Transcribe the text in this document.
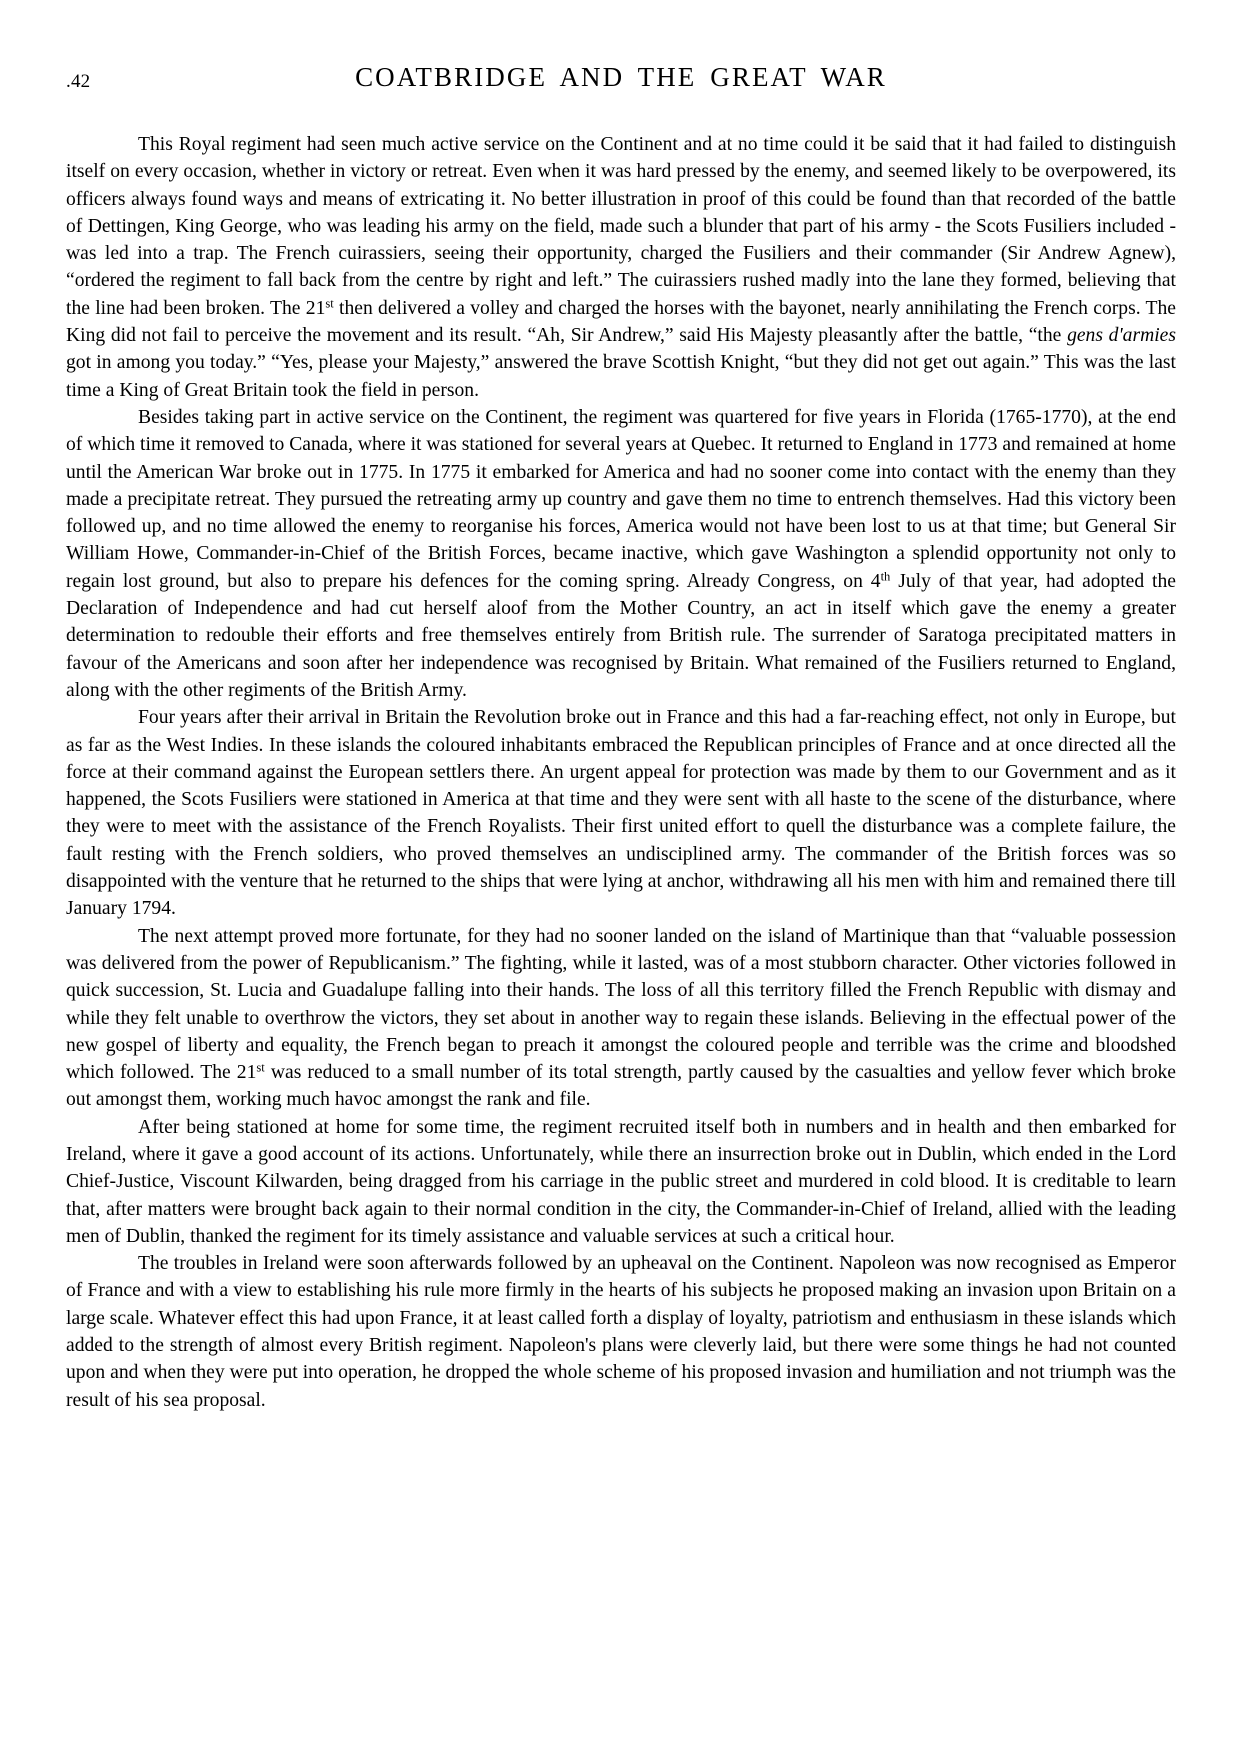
.42	COATBRIDGE AND THE GREAT WAR

This Royal regiment had seen much active service on the Continent and at no time could it be said that it had failed to distinguish itself on every occasion, whether in victory or retreat. Even when it was hard pressed by the enemy, and seemed likely to be overpowered, its officers always found ways and means of extricating it. No better illustration in proof of this could be found than that recorded of the battle of Dettingen, King George, who was leading his army on the field, made such a blunder that part of his army - the Scots Fusiliers included - was led into a trap. The French cuirassiers, seeing their opportunity, charged the Fusiliers and their commander (Sir Andrew Agnew), “ordered the regiment to fall back from the centre by right and left.” The cuirassiers rushed madly into the lane they formed, believing that the line had been broken. The 21st then delivered a volley and charged the horses with the bayonet, nearly annihilating the French corps. The King did not fail to perceive the movement and its result. “Ah, Sir Andrew,” said His Majesty pleasantly after the battle, “the gens d'armies got in among you today.” “Yes, please your Majesty,” answered the brave Scottish Knight, “but they did not get out again.” This was the last time a King of Great Britain took the field in person.

Besides taking part in active service on the Continent, the regiment was quartered for five years in Florida (1765-1770), at the end of which time it removed to Canada, where it was stationed for several years at Quebec. It returned to England in 1773 and remained at home until the American War broke out in 1775. In 1775 it embarked for America and had no sooner come into contact with the enemy than they made a precipitate retreat. They pursued the retreating army up country and gave them no time to entrench themselves. Had this victory been followed up, and no time allowed the enemy to reorganise his forces, America would not have been lost to us at that time; but General Sir William Howe, Commander-in-Chief of the British Forces, became inactive, which gave Washington a splendid opportunity not only to regain lost ground, but also to prepare his defences for the coming spring. Already Congress, on 4th July of that year, had adopted the Declaration of Independence and had cut herself aloof from the Mother Country, an act in itself which gave the enemy a greater determination to redouble their efforts and free themselves entirely from British rule. The surrender of Saratoga precipitated matters in favour of the Americans and soon after her independence was recognised by Britain. What remained of the Fusiliers returned to England, along with the other regiments of the British Army.

Four years after their arrival in Britain the Revolution broke out in France and this had a far-reaching effect, not only in Europe, but as far as the West Indies. In these islands the coloured inhabitants embraced the Republican principles of France and at once directed all the force at their command against the European settlers there. An urgent appeal for protection was made by them to our Government and as it happened, the Scots Fusiliers were stationed in America at that time and they were sent with all haste to the scene of the disturbance, where they were to meet with the assistance of the French Royalists. Their first united effort to quell the disturbance was a complete failure, the fault resting with the French soldiers, who proved themselves an undisciplined army. The commander of the British forces was so disappointed with the venture that he returned to the ships that were lying at anchor, withdrawing all his men with him and remained there till January 1794.

The next attempt proved more fortunate, for they had no sooner landed on the island of Martinique than that “valuable possession was delivered from the power of Republicanism.” The fighting, while it lasted, was of a most stubborn character. Other victories followed in quick succession, St. Lucia and Guadalupe falling into their hands. The loss of all this territory filled the French Republic with dismay and while they felt unable to overthrow the victors, they set about in another way to regain these islands. Believing in the effectual power of the new gospel of liberty and equality, the French began to preach it amongst the coloured people and terrible was the crime and bloodshed which followed. The 21st was reduced to a small number of its total strength, partly caused by the casualties and yellow fever which broke out amongst them, working much havoc amongst the rank and file.

After being stationed at home for some time, the regiment recruited itself both in numbers and in health and then embarked for Ireland, where it gave a good account of its actions. Unfortunately, while there an insurrection broke out in Dublin, which ended in the Lord Chief-Justice, Viscount Kilwarden, being dragged from his carriage in the public street and murdered in cold blood. It is creditable to learn that, after matters were brought back again to their normal condition in the city, the Commander-in-Chief of Ireland, allied with the leading men of Dublin, thanked the regiment for its timely assistance and valuable services at such a critical hour.

The troubles in Ireland were soon afterwards followed by an upheaval on the Continent. Napoleon was now recognised as Emperor of France and with a view to establishing his rule more firmly in the hearts of his subjects he proposed making an invasion upon Britain on a large scale. Whatever effect this had upon France, it at least called forth a display of loyalty, patriotism and enthusiasm in these islands which added to the strength of almost every British regiment. Napoleon's plans were cleverly laid, but there were some things he had not counted upon and when they were put into operation, he dropped the whole scheme of his proposed invasion and humiliation and not triumph was the result of his sea proposal.
